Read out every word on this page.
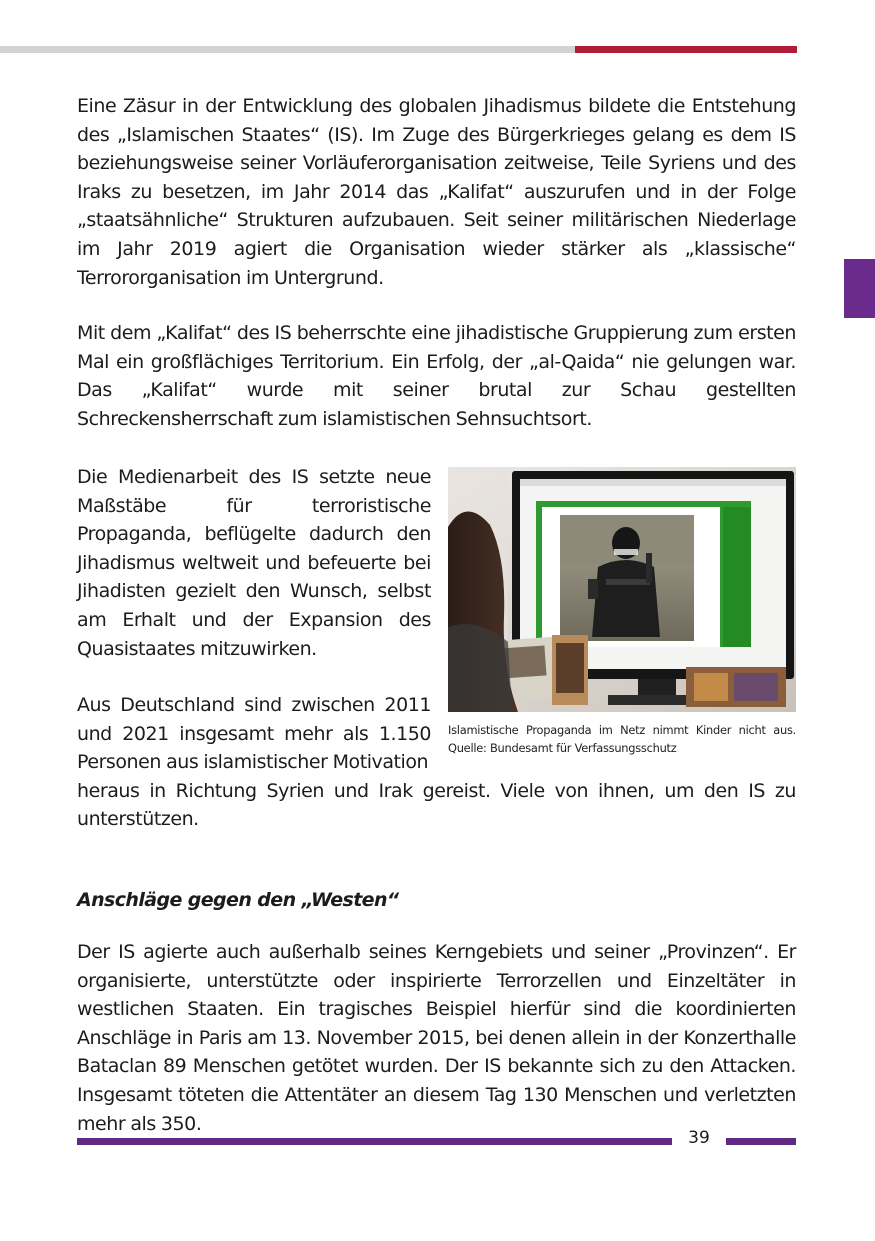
Eine Zäsur in der Entwicklung des globalen Jihadismus bildete die Entstehung des „Islamischen Staates“ (IS). Im Zuge des Bürgerkrieges gelang es dem IS beziehungsweise seiner Vorläuferorganisation zeitweise, Teile Syriens und des Iraks zu besetzen, im Jahr 2014 das „Kalifat“ auszurufen und in der Folge „staatsähnliche“ Strukturen aufzubauen. Seit seiner militärischen Niederlage im Jahr 2019 agiert die Organisation wieder stärker als „klassische“ Terrororganisation im Untergrund.

Mit dem „Kalifat“ des IS beherrschte eine jihadistische Gruppierung zum ersten Mal ein großflächiges Territorium. Ein Erfolg, der „al-Qaida“ nie gelungen war. Das „Kalifat“ wurde mit seiner brutal zur Schau gestellten Schreckensherrschaft zum islamistischen Sehnsuchtsort.

Die Medienarbeit des IS setzte neue Maßstäbe für terroristische Propaganda, beflügelte dadurch den Jihadismus weltweit und befeuerte bei Jihadisten gezielt den Wunsch, selbst am Erhalt und der Expansion des Quasistaates mitzuwirken.

Aus Deutschland sind zwischen 2011 und 2021 insgesamt mehr als 1.150 Personen aus islamistischer Motivation
heraus in Richtung Syrien und Irak gereist. Viele von ihnen, um den IS zu unterstützen.

Islamistische Propaganda im Netz nimmt Kinder nicht aus.
Quelle: Bundesamt für Verfassungsschutz

Anschläge gegen den „Westen“

Der IS agierte auch außerhalb seines Kerngebiets und seiner „Provinzen“. Er organisierte, unterstützte oder inspirierte Terrorzellen und Einzeltäter in westlichen Staaten. Ein tragisches Beispiel hierfür sind die koordinierten Anschläge in Paris am 13. November 2015, bei denen allein in der Konzerthalle Bataclan 89 Menschen getötet wurden. Der IS bekannte sich zu den Attacken. Insgesamt töteten die Attentäter an diesem Tag 130 Menschen und verletzten mehr als 350.

39
